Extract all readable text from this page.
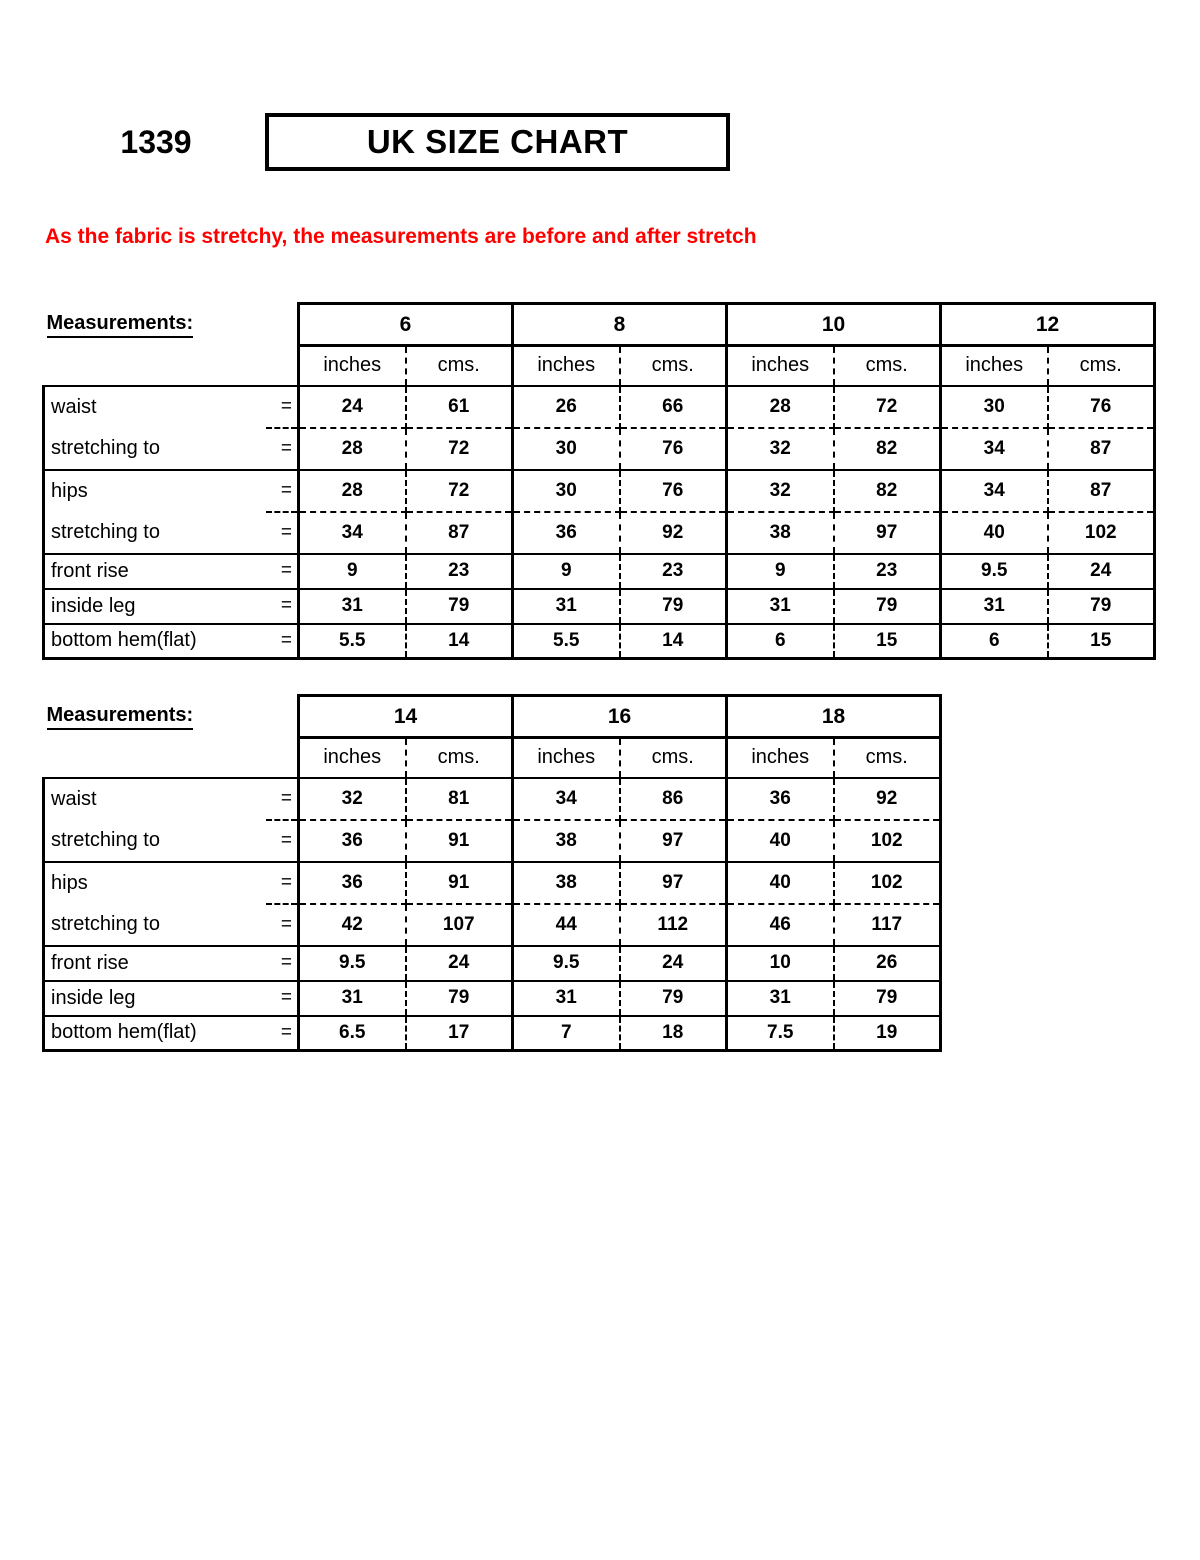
1339	UK SIZE CHART
As the fabric is stretchy, the measurements are before and after stretch
Measurements:		6		8		10		12	
		inches	cms.	inches	cms.	inches	cms.	inches	cms.
waist	=	24	61	26	66	28	72	30	76
stretching to	=	28	72	30	76	32	82	34	87
hips	=	28	72	30	76	32	82	34	87
stretching to	=	34	87	36	92	38	97	40	102
front rise	=	9	23	9	23	9	23	9.5	24
inside leg	=	31	79	31	79	31	79	31	79
bottom hem(flat)	=	5.5	14	5.5	14	6	15	6	15
Measurements:		14		16		18	
		inches	cms.	inches	cms.	inches	cms.
waist	=	32	81	34	86	36	92
stretching to	=	36	91	38	97	40	102
hips	=	36	91	38	97	40	102
stretching to	=	42	107	44	112	46	117
front rise	=	9.5	24	9.5	24	10	26
inside leg	=	31	79	31	79	31	79
bottom hem(flat)	=	6.5	17	7	18	7.5	19
